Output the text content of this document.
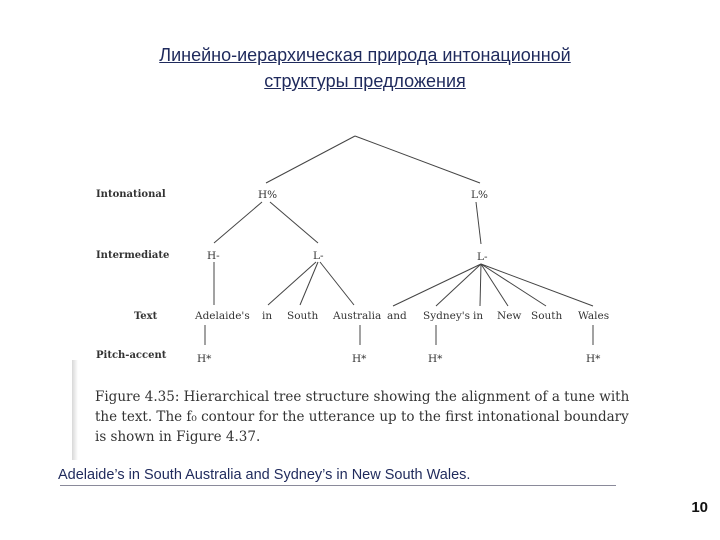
Линейно-иерархическая природа интонационной
структуры предложения
Intonational
Intermediate
Text
Pitch-accent
H%	L%
H-	L-	L-
Adelaide's in South Australia and Sydney's in New South Wales
H*	H*	H*	H*
Figure 4.35: Hierarchical tree structure showing the alignment of a tune with
the text. The f₀ contour for the utterance up to the first intonational boundary
is shown in Figure 4.37.
Adelaide’s in South Australia and Sydney’s in New South Wales.
10
